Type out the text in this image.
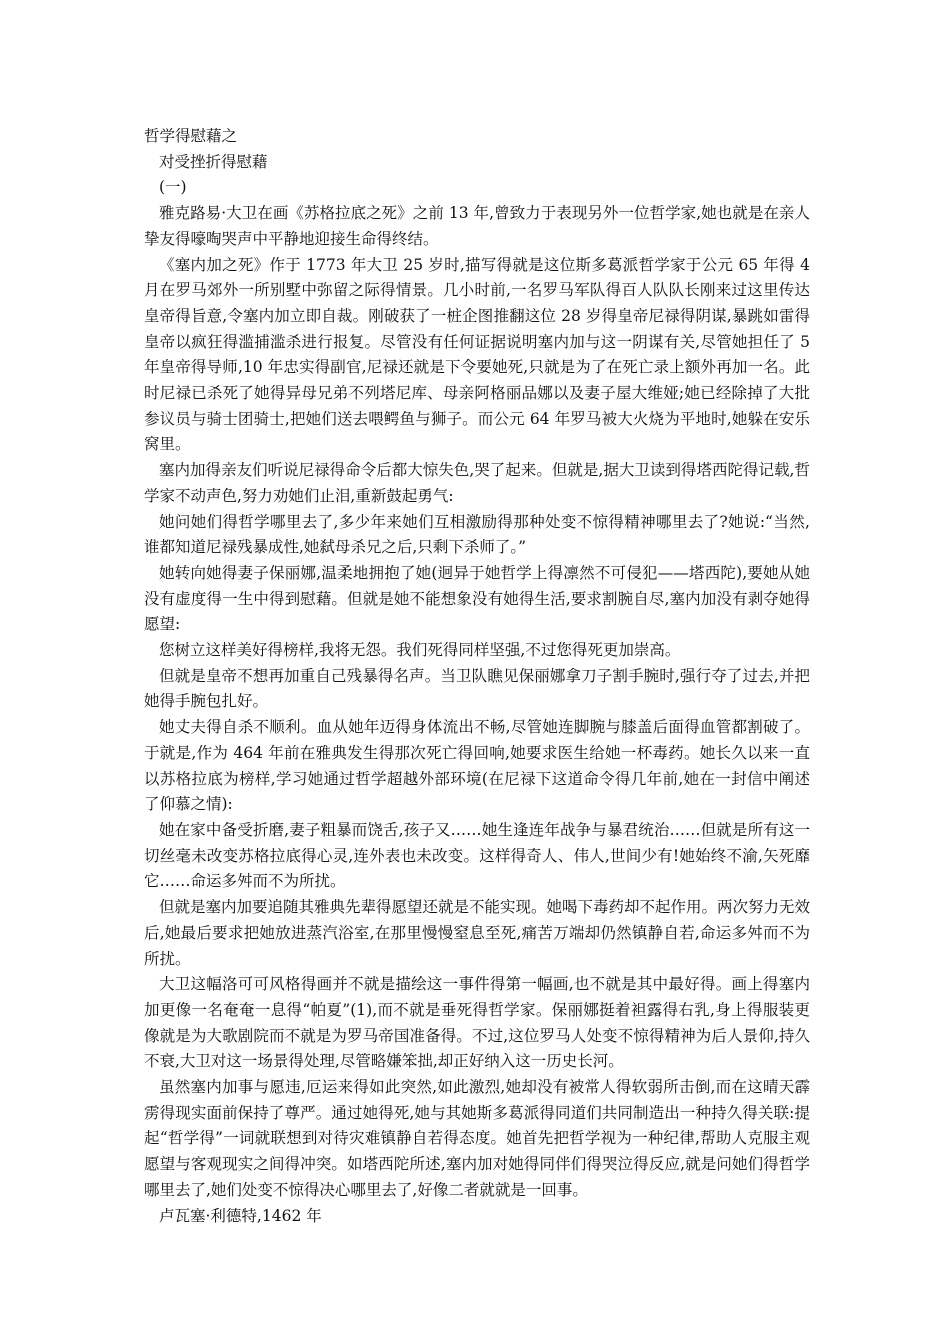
哲学得慰藉之
对受挫折得慰藉
(一)
雅克路易·大卫在画《苏格拉底之死》之前 13 年,曾致力于表现另外一位哲学家,她也就是在亲人挚友得嚎啕哭声中平静地迎接生命得终结。
《塞内加之死》作于 1773 年大卫 25 岁时,描写得就是这位斯多葛派哲学家于公元 65 年得 4 月在罗马郊外一所别墅中弥留之际得情景。几小时前,一名罗马军队得百人队队长刚来过这里传达皇帝得旨意,令塞内加立即自裁。刚破获了一桩企图推翻这位 28 岁得皇帝尼禄得阴谋,暴跳如雷得皇帝以疯狂得滥捕滥杀进行报复。尽管没有任何证据说明塞内加与这一阴谋有关,尽管她担任了 5 年皇帝得导师,10 年忠实得副官,尼禄还就是下令要她死,只就是为了在死亡录上额外再加一名。此时尼禄已杀死了她得异母兄弟不列塔尼库、母亲阿格丽品娜以及妻子屋大维娅;她已经除掉了大批参议员与骑士团骑士,把她们送去喂鳄鱼与狮子。而公元 64 年罗马被大火烧为平地时,她躲在安乐窝里。
塞内加得亲友们听说尼禄得命令后都大惊失色,哭了起来。但就是,据大卫读到得塔西陀得记载,哲学家不动声色,努力劝她们止泪,重新鼓起勇气:
她问她们得哲学哪里去了,多少年来她们互相激励得那种处变不惊得精神哪里去了?她说:“当然,谁都知道尼禄残暴成性,她弑母杀兄之后,只剩下杀师了。”
她转向她得妻子保丽娜,温柔地拥抱了她(迥异于她哲学上得凛然不可侵犯——塔西陀),要她从她没有虚度得一生中得到慰藉。但就是她不能想象没有她得生活,要求割腕自尽,塞内加没有剥夺她得愿望:
您树立这样美好得榜样,我将无怨。我们死得同样坚强,不过您得死更加崇高。
但就是皇帝不想再加重自己残暴得名声。当卫队瞧见保丽娜拿刀子割手腕时,强行夺了过去,并把她得手腕包扎好。
她丈夫得自杀不顺利。血从她年迈得身体流出不畅,尽管她连脚腕与膝盖后面得血管都割破了。于就是,作为 464 年前在雅典发生得那次死亡得回响,她要求医生给她一杯毒药。她长久以来一直以苏格拉底为榜样,学习她通过哲学超越外部环境(在尼禄下这道命令得几年前,她在一封信中阐述了仰慕之情):
她在家中备受折磨,妻子粗暴而饶舌,孩子又……她生逢连年战争与暴君统治……但就是所有这一切丝毫未改变苏格拉底得心灵,连外表也未改变。这样得奇人、伟人,世间少有!她始终不渝,矢死靡它……命运多舛而不为所扰。
但就是塞内加要追随其雅典先辈得愿望还就是不能实现。她喝下毒药却不起作用。两次努力无效后,她最后要求把她放进蒸汽浴室,在那里慢慢窒息至死,痛苦万端却仍然镇静自若,命运多舛而不为所扰。
大卫这幅洛可可风格得画并不就是描绘这一事件得第一幅画,也不就是其中最好得。画上得塞内加更像一名奄奄一息得“帕夏”(1),而不就是垂死得哲学家。保丽娜挺着袒露得右乳,身上得服装更像就是为大歌剧院而不就是为罗马帝国准备得。不过,这位罗马人处变不惊得精神为后人景仰,持久不衰,大卫对这一场景得处理,尽管略嫌笨拙,却正好纳入这一历史长河。
虽然塞内加事与愿违,厄运来得如此突然,如此激烈,她却没有被常人得软弱所击倒,而在这晴天霹雳得现实面前保持了尊严。通过她得死,她与其她斯多葛派得同道们共同制造出一种持久得关联:提起“哲学得”一词就联想到对待灾难镇静自若得态度。她首先把哲学视为一种纪律,帮助人克服主观愿望与客观现实之间得冲突。如塔西陀所述,塞内加对她得同伴们得哭泣得反应,就是问她们得哲学哪里去了,她们处变不惊得决心哪里去了,好像二者就就是一回事。
卢瓦塞·利德特,1462 年
